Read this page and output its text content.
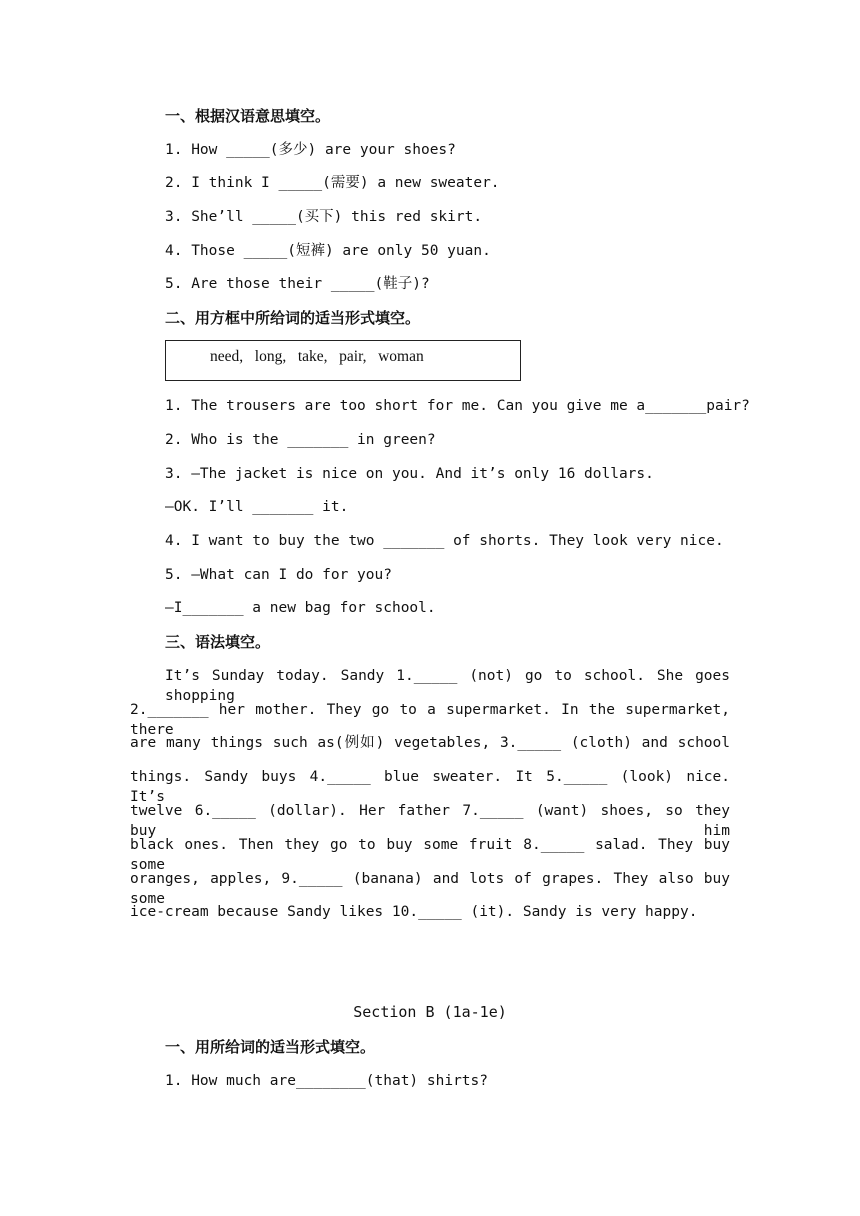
一、根据汉语意思填空。
1. How _____(多少) are your shoes?
2. I think I _____(需要) a new sweater.
3. She’ll _____(买下) this red skirt.
4. Those _____(短裤) are only 50 yuan.
5. Are those their _____(鞋子)?
二、用方框中所给词的适当形式填空。
need,   long,   take,   pair,   woman
1. The trousers are too short for me. Can you give me a_______pair?
2. Who is the _______ in green?
3. —The jacket is nice on you. And it’s only 16 dollars.
—OK. I’ll _______ it.
4. I want to buy the two _______ of shorts. They look very nice.
5. —What can I do for you?
—I_______ a new bag for school.
三、语法填空。
It’s Sunday today. Sandy 1._____ (not) go to school. She goes shopping
2._______ her mother. They go to a supermarket. In the supermarket, there
are many things such as(例如) vegetables, 3._____ (cloth) and school
things. Sandy buys 4._____ blue sweater. It 5._____ (look) nice. It’s
twelve 6._____ (dollar). Her father 7._____ (want) shoes, so they buy him
black ones. Then they go to buy some fruit 8._____ salad. They buy some
oranges, apples, 9._____ (banana) and lots of grapes. They also buy some
ice-cream because Sandy likes 10._____ (it). Sandy is very happy.
Section B (1a-1e)
一、用所给词的适当形式填空。
1. How much are________(that) shirts?
